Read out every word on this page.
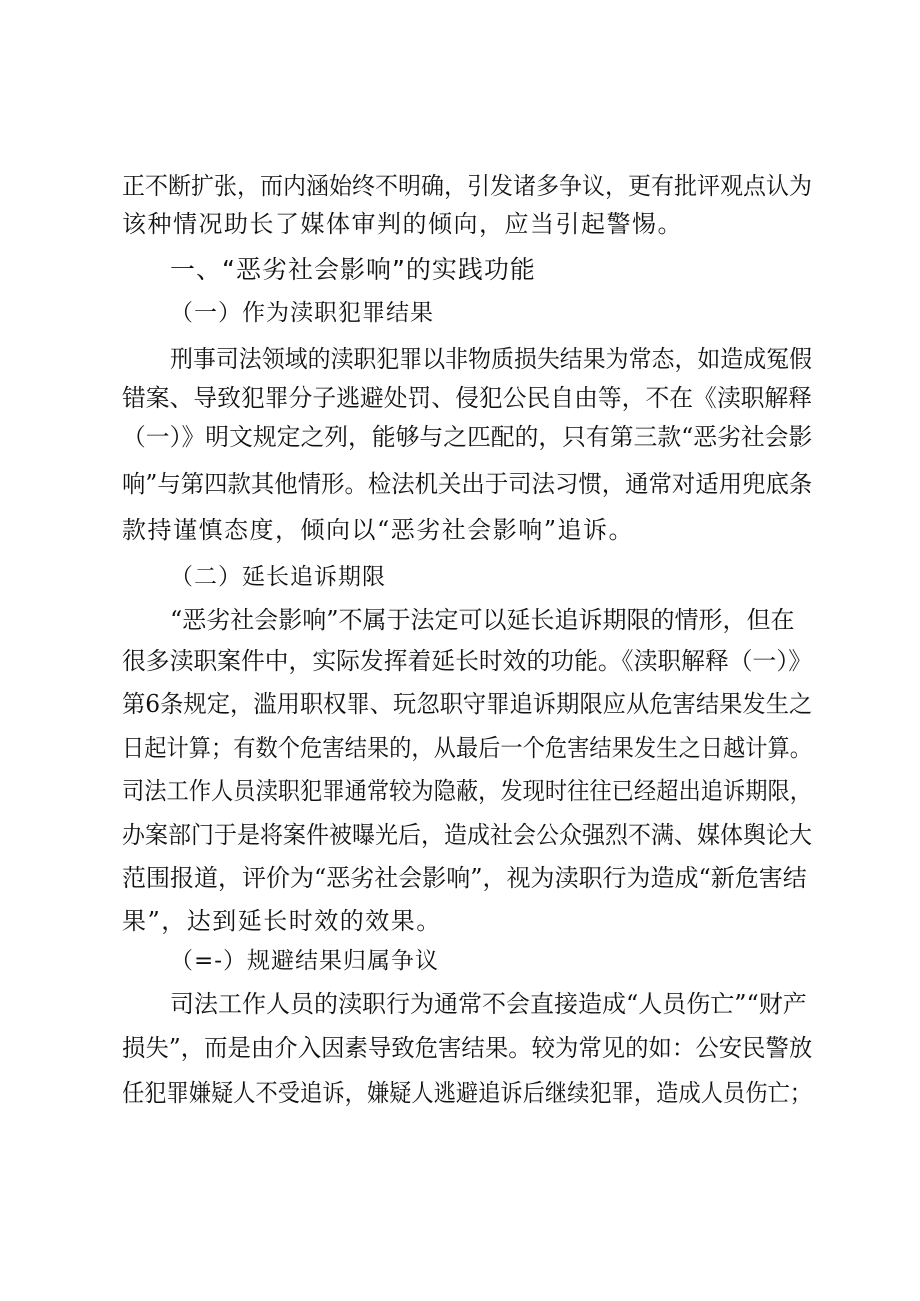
正不断扩张，而内涵始终不明确，引发诸多争议，更有批评观点认为
该种情况助长了媒体审判的倾向，应当引起警惕。
一、“恶劣社会影响”的实践功能
（一）作为渎职犯罪结果
刑事司法领域的渎职犯罪以非物质损失结果为常态，如造成冤假
错案、导致犯罪分子逃避处罚、侵犯公民自由等，不在《渎职解释
（一）》明文规定之列，能够与之匹配的，只有第三款“恶劣社会影
响”与第四款其他情形。检法机关出于司法习惯，通常对适用兜底条
款持谨慎态度，倾向以“恶劣社会影响”追诉。
（二）延长追诉期限
“恶劣社会影响”不属于法定可以延长追诉期限的情形，但在
很多渎职案件中，实际发挥着延长时效的功能。《渎职解释（一）》
第6条规定，滥用职权罪、玩忽职守罪追诉期限应从危害结果发生之
日起计算；有数个危害结果的，从最后一个危害结果发生之日越计算。
司法工作人员渎职犯罪通常较为隐蔽，发现时往往已经超出追诉期限，
办案部门于是将案件被曝光后，造成社会公众强烈不满、媒体舆论大
范围报道，评价为“恶劣社会影响”，视为渎职行为造成“新危害结
果”，达到延长时效的效果。
（=-）规避结果归属争议
司法工作人员的渎职行为通常不会直接造成“人员伤亡”“财产
损失”，而是由介入因素导致危害结果。较为常见的如：公安民警放
任犯罪嫌疑人不受追诉，嫌疑人逃避追诉后继续犯罪，造成人员伤亡；
